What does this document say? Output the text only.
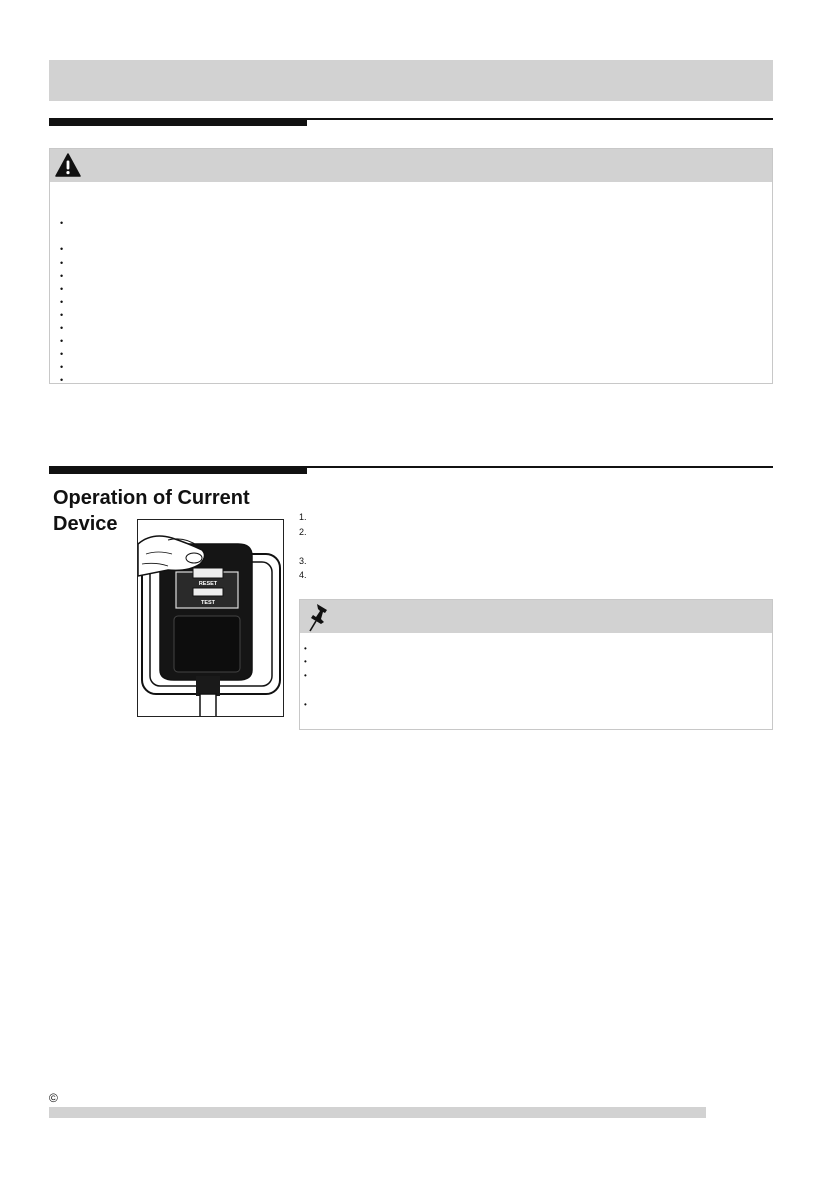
•
•
•
•
•
•
•
•
•
•
•
•
Operation of Current
Device
RESET
TEST
1.
2.
3.
4.
•
•
•
•
©
